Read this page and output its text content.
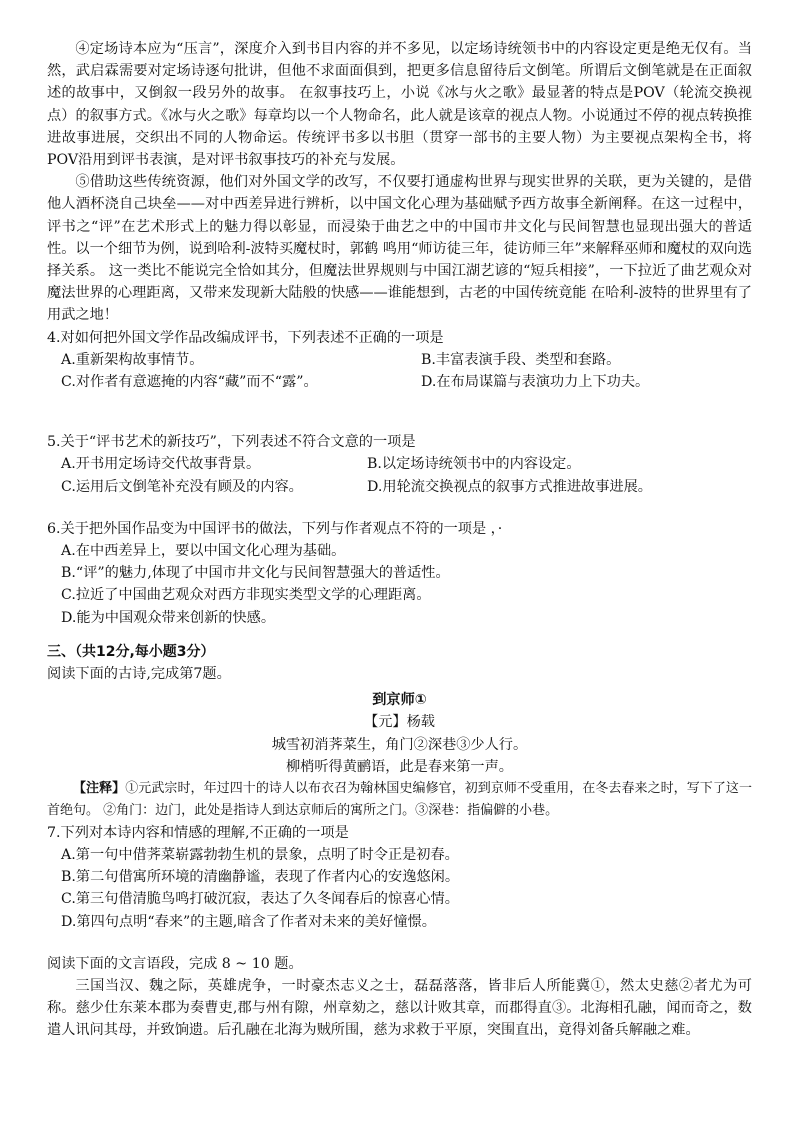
④定场诗本应为“压言”，深度介入到书目内容的并不多见，以定场诗统领书中的内容设定更是绝无仅有。当然，武启霖需要对定场诗逐句批讲，但他不求面面俱到，把更多信息留待后文倒笔。所谓后文倒笔就是在正面叙述的故事中，又倒叙一段另外的故事。 在叙事技巧上，小说《冰与火之歌》最显著的特点是POV（轮流交换视点）的叙事方式。《冰与火之歌》每章均以一个人物命名，此人就是该章的视点人物。小说通过不停的视点转换推进故事进展，交织出不同的人物命运。传统评书多以书胆（贯穿一部书的主要人物）为主要视点架构全书，将POV沿用到评书表演，是对评书叙事技巧的补充与发展。

⑤借助这些传统资源，他们对外国文学的改写，不仅要打通虚构世界与现实世界的关联，更为关键的，是借他人酒杯浇自己块垒——对中西差异进行辨析，以中国文化心理为基础赋予西方故事全新阐释。在这一过程中，评书之“评”在艺术形式上的魅力得以彰显，而浸染于曲艺之中的中国市井文化与民间智慧也显现出强大的普适性。以一个细节为例，说到哈利-波特买魔杖时，郭鹤 鸣用“师访徒三年，徒访师三年”来解释巫师和魔杖的双向选择关系。 这一类比不能说完全恰如其分，但魔法世界规则与中国江湖艺谚的“短兵相接”，一下拉近了曲艺观众对魔法世界的心理距离，又带来发现新大陆般的快感——谁能想到，古老的中国传统竟能 在哈利-波特的世界里有了用武之地！

4.对如何把外国文学作品改编成评书，下列表述不正确的一项是

A.重新架构故事情节。	B.丰富表演手段、类型和套路。
C.对作者有意遮掩的内容“藏”而不“露”。	D.在布局谋篇与表演功力上下功夫。

5.关于“评书艺术的新技巧”，下列表述不符合文意的一项是

A.开书用定场诗交代故事背景。	B.以定场诗统领书中的内容设定。
C.运用后文倒笔补充没有顾及的内容。	D.用轮流交换视点的叙事方式推进故事进展。

6.关于把外国作品变为中国评书的做法，下列与作者观点不符的一项是 ，·

A.在中西差异上，要以中国文化心理为基础。

B.“评”的魅力,体现了中国市井文化与民间智慧强大的普适性。

C.拉近了中国曲艺观众对西方非现实类型文学的心理距离。

D.能为中国观众带来创新的快感。

三、（共12分,每小题3分）

阅读下面的古诗,完成第7题。

到京师①

【元】杨载

城雪初消荠菜生，角门②深巷③少人行。

柳梢听得黄鹂语，此是春来第一声。

【注释】①元武宗时，年过四十的诗人以布衣召为翰林国史编修官，初到京师不受重用，在冬去春来之时，写下了这一首绝句。 ②角门：边门，此处是指诗人到达京师后的寓所之门。③深巷：指偏僻的小巷。

7.下列对本诗内容和情感的理解,不正确的一项是

A.第一句中借荠菜崭露勃勃生机的景象，点明了时令正是初春。

B.第二句借寓所环境的清幽静谧，表现了作者内心的安逸悠闲。

C.第三句借清脆鸟鸣打破沉寂，表达了久冬闻春后的惊喜心情。

D.第四句点明“春来”的主题,暗含了作者对未来的美好憧憬。

阅读下面的文言语段，完成 8 ~ 10 题。

三国当汉、魏之际，英雄虎争，一时豪杰志义之士，磊磊落落，皆非后人所能冀①，然太史慈②者尤为可称。慈少仕东莱本郡为奏曹吏,郡与州有隙，州章劾之，慈以计败其章，而郡得直③。北海相孔融，闻而奇之，数遣人讯问其母，并致饷遗。后孔融在北海为贼所围，慈为求救于平原，突围直出，竟得刘备兵解融之难。
